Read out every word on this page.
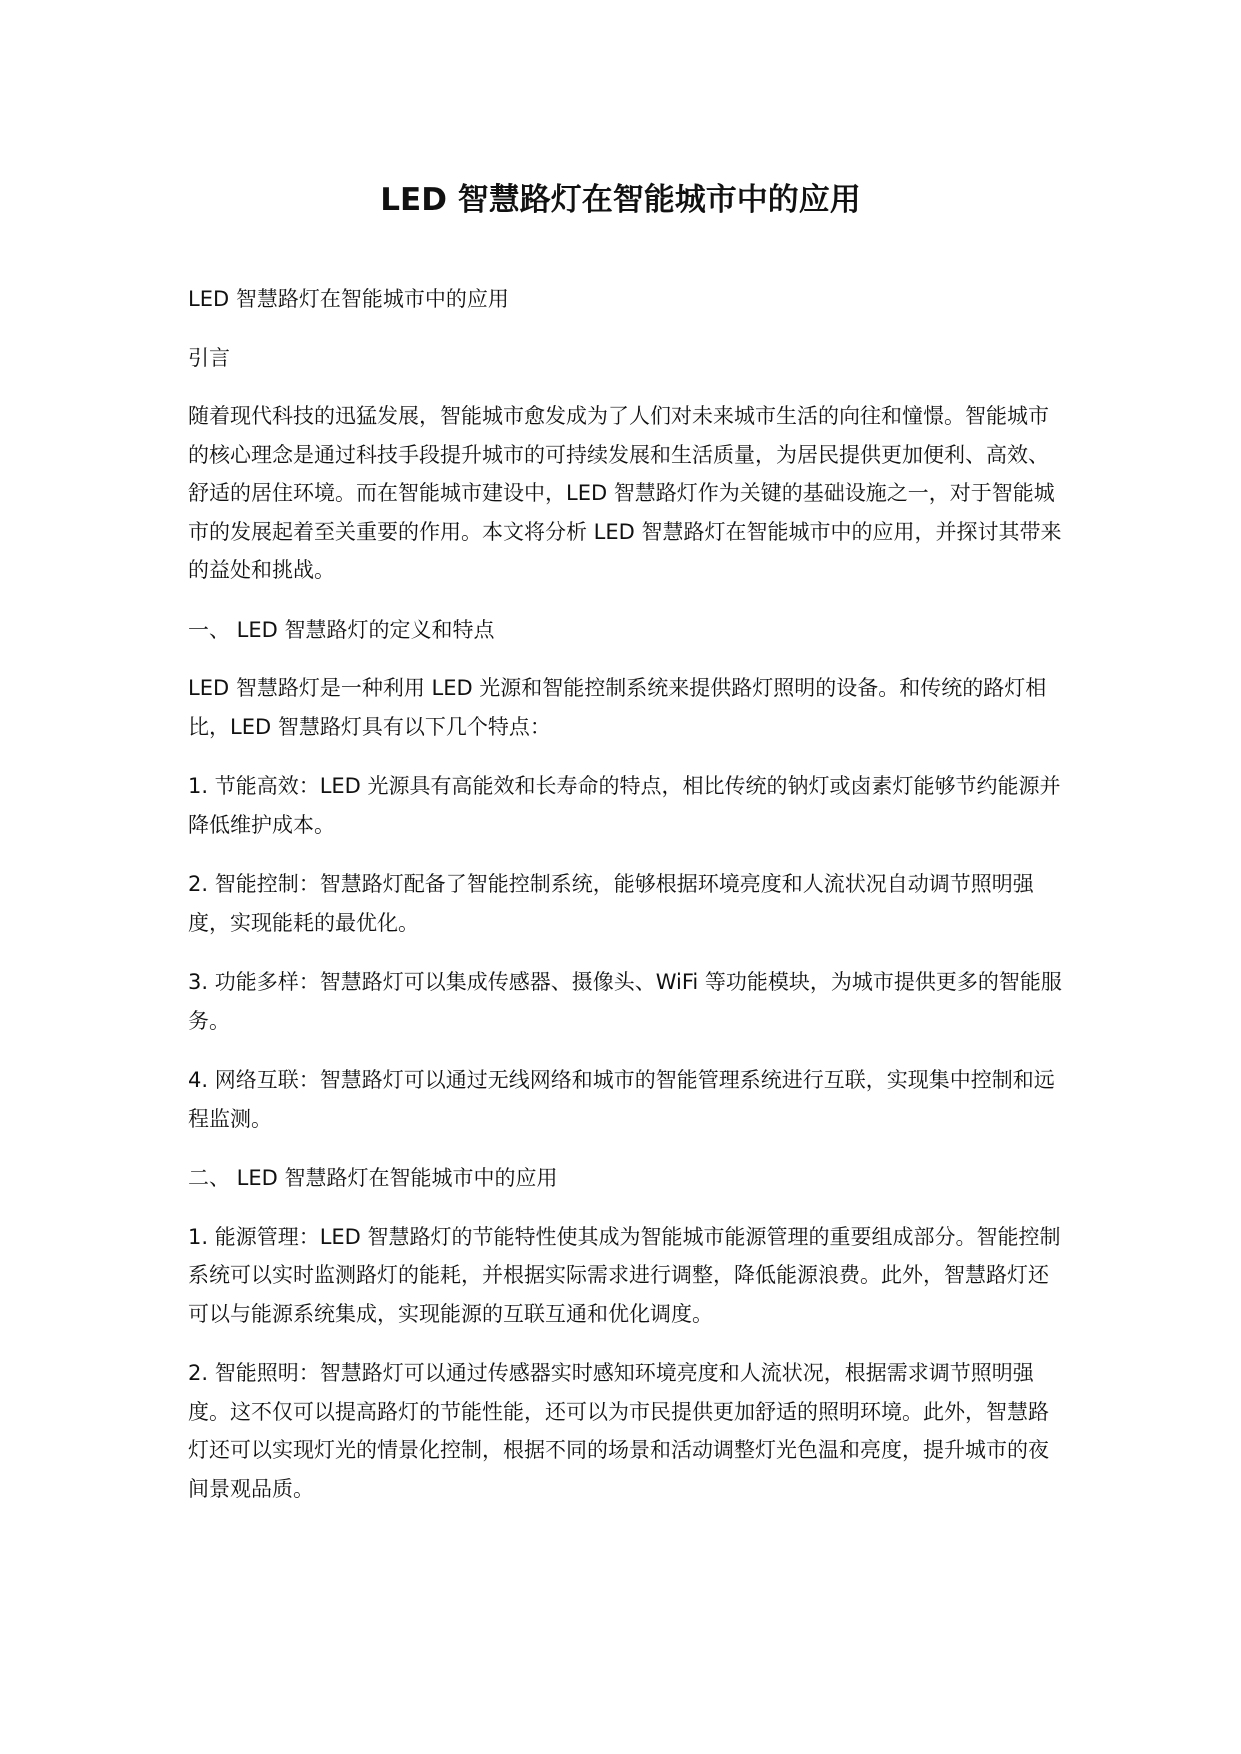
LED 智慧路灯在智能城市中的应用

LED 智慧路灯在智能城市中的应用

引言

随着现代科技的迅猛发展，智能城市愈发成为了人们对未来城市生活的向往和憧憬。智能城市的核心理念是通过科技手段提升城市的可持续发展和生活质量，为居民提供更加便利、高效、舒适的居住环境。而在智能城市建设中，LED 智慧路灯作为关键的基础设施之一，对于智能城市的发展起着至关重要的作用。本文将分析 LED 智慧路灯在智能城市中的应用，并探讨其带来的益处和挑战。

一、 LED 智慧路灯的定义和特点

LED 智慧路灯是一种利用 LED 光源和智能控制系统来提供路灯照明的设备。和传统的路灯相比，LED 智慧路灯具有以下几个特点：

1. 节能高效：LED 光源具有高能效和长寿命的特点，相比传统的钠灯或卤素灯能够节约能源并降低维护成本。

2. 智能控制：智慧路灯配备了智能控制系统，能够根据环境亮度和人流状况自动调节照明强度，实现能耗的最优化。

3. 功能多样：智慧路灯可以集成传感器、摄像头、WiFi 等功能模块，为城市提供更多的智能服务。

4. 网络互联：智慧路灯可以通过无线网络和城市的智能管理系统进行互联，实现集中控制和远程监测。

二、 LED 智慧路灯在智能城市中的应用

1. 能源管理：LED 智慧路灯的节能特性使其成为智能城市能源管理的重要组成部分。智能控制系统可以实时监测路灯的能耗，并根据实际需求进行调整，降低能源浪费。此外，智慧路灯还可以与能源系统集成，实现能源的互联互通和优化调度。

2. 智能照明：智慧路灯可以通过传感器实时感知环境亮度和人流状况，根据需求调节照明强度。这不仅可以提高路灯的节能性能，还可以为市民提供更加舒适的照明环境。此外，智慧路灯还可以实现灯光的情景化控制，根据不同的场景和活动调整灯光色温和亮度，提升城市的夜间景观品质。
